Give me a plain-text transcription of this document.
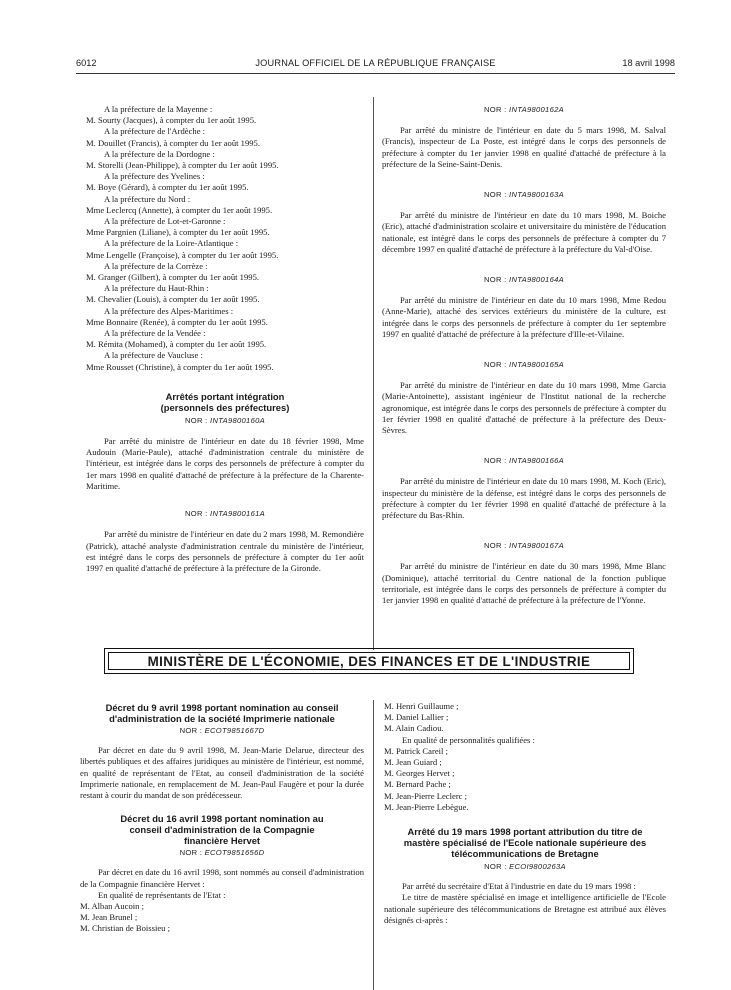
6012	JOURNAL OFFICIEL DE LA RÉPUBLIQUE FRANÇAISE	18 avril 1998

A la préfecture de la Mayenne :

M. Sourty (Jacques), à compter du 1er août 1995.

A la préfecture de l'Ardèche :

M. Douillet (Francis), à compter du 1er août 1995.

A la préfecture de la Dordogne :

M. Storelli (Jean-Philippe), à compter du 1er août 1995.

A la préfecture des Yvelines :

M. Boye (Gérard), à compter du 1er août 1995.

A la préfecture du Nord :

Mme Leclercq (Annette), à compter du 1er août 1995.

A la préfecture de Lot-et-Garonne :

Mme Pargnien (Liliane), à compter du 1er août 1995.

A la préfecture de la Loire-Atlantique :

Mme Lengelle (Françoise), à compter du 1er août 1995.

A la préfecture de la Corrèze :

M. Granger (Gilbert), à compter du 1er août 1995.

A la préfecture du Haut-Rhin :

M. Chevalier (Louis), à compter du 1er août 1995.

A la préfecture des Alpes-Maritimes :

Mme Bonnaire (Renée), à compter du 1er août 1995.

A la préfecture de la Vendée :

M. Rémita (Mohamed), à compter du 1er août 1995.

A la préfecture de Vaucluse :

Mme Rousset (Christine), à compter du 1er août 1995.

Arrêtés portant intégration

(personnels des préfectures)

NOR : INTA9800160A

Par arrêté du ministre de l'intérieur en date du 18 février 1998, Mme Audouin (Marie-Paule), attaché d'administration centrale du ministère de l'intérieur, est intégrée dans le corps des personnels de préfecture à compter du 1er mars 1998 en qualité d'attaché de préfecture à la préfecture de la Charente-Maritime.

NOR : INTA9800161A

Par arrêté du ministre de l'intérieur en date du 2 mars 1998, M. Remondière (Patrick), attaché analyste d'administration centrale du ministère de l'intérieur, est intégré dans le corps des personnels de préfecture à compter du 1er août 1997 en qualité d'attaché de préfecture à la préfecture de la Gironde.

NOR : INTA9800162A

Par arrêté du ministre de l'intérieur en date du 5 mars 1998, M. Salval (Francis), inspecteur de La Poste, est intégré dans le corps des personnels de préfecture à compter du 1er janvier 1998 en qualité d'attaché de préfecture à la préfecture de la Seine-Saint-Denis.

NOR : INTA9800163A

Par arrêté du ministre de l'intérieur en date du 10 mars 1998, M. Boiche (Eric), attaché d'administration scolaire et universitaire du ministère de l'éducation nationale, est intégré dans le corps des personnels de préfecture à compter du 7 décembre 1997 en qualité d'attaché de préfecture à la préfecture du Val-d'Oise.

NOR : INTA9800164A

Par arrêté du ministre de l'intérieur en date du 10 mars 1998, Mme Redou (Anne-Marie), attaché des services extérieurs du ministère de la culture, est intégrée dans le corps des personnels de préfecture à compter du 1er septembre 1997 en qualité d'attaché de préfecture à la préfecture d'Ille-et-Vilaine.

NOR : INTA9800165A

Par arrêté du ministre de l'intérieur en date du 10 mars 1998, Mme Garcia (Marie-Antoinette), assistant ingénieur de l'Institut national de la recherche agronomique, est intégrée dans le corps des personnels de préfecture à compter du 1er février 1998 en qualité d'attaché de préfecture à la préfecture des Deux-Sèvres.

NOR : INTA9800166A

Par arrêté du ministre de l'intérieur en date du 10 mars 1998, M. Koch (Eric), inspecteur du ministère de la défense, est intégré dans le corps des personnels de préfecture à compter du 1er février 1998 en qualité d'attaché de préfecture à la préfecture du Bas-Rhin.

NOR : INTA9800167A

Par arrêté du ministre de l'intérieur en date du 30 mars 1998, Mme Blanc (Dominique), attaché territorial du Centre national de la fonction publique territoriale, est intégrée dans le corps des personnels de préfecture à compter du 1er janvier 1998 en qualité d'attaché de préfecture à la préfecture de l'Yonne.

MINISTÈRE DE L'ÉCONOMIE, DES FINANCES ET DE L'INDUSTRIE

Décret du 9 avril 1998 portant nomination au conseil

d'administration de la société Imprimerie nationale

NOR : ECOT9851667D

Par décret en date du 9 avril 1998, M. Jean-Marie Delarue, directeur des libertés publiques et des affaires juridiques au ministère de l'intérieur, est nommé, en qualité de représentant de l'Etat, au conseil d'administration de la société Imprimerie nationale, en remplacement de M. Jean-Paul Faugère et pour la durée restant à courir du mandat de son prédécesseur.

Décret du 16 avril 1998 portant nomination au

conseil d'administration de la Compagnie

financière Hervet

NOR : ECOT9851656D

Par décret en date du 16 avril 1998, sont nommés au conseil d'administration de la Compagnie financière Hervet :

En qualité de représentants de l'Etat :

M. Alban Aucoin ;

M. Jean Brunel ;

M. Christian de Boissieu ;

M. Henri Guillaume ;

M. Daniel Lallier ;

M. Alain Cadiou.

En qualité de personnalités qualifiées :

M. Patrick Careil ;

M. Jean Guiard ;

M. Georges Hervet ;

M. Bernard Pache ;

M. Jean-Pierre Leclerc ;

M. Jean-Pierre Lebègue.

Arrêté du 19 mars 1998 portant attribution du titre de

mastère spécialisé de l'Ecole nationale supérieure des

télécommunications de Bretagne

NOR : ECOI9800263A

Par arrêté du secrétaire d'Etat à l'industrie en date du 19 mars 1998 :

Le titre de mastère spécialisé en image et intelligence artificielle de l'Ecole nationale supérieure des télécommunications de Bretagne est attribué aux élèves désignés ci-après :
